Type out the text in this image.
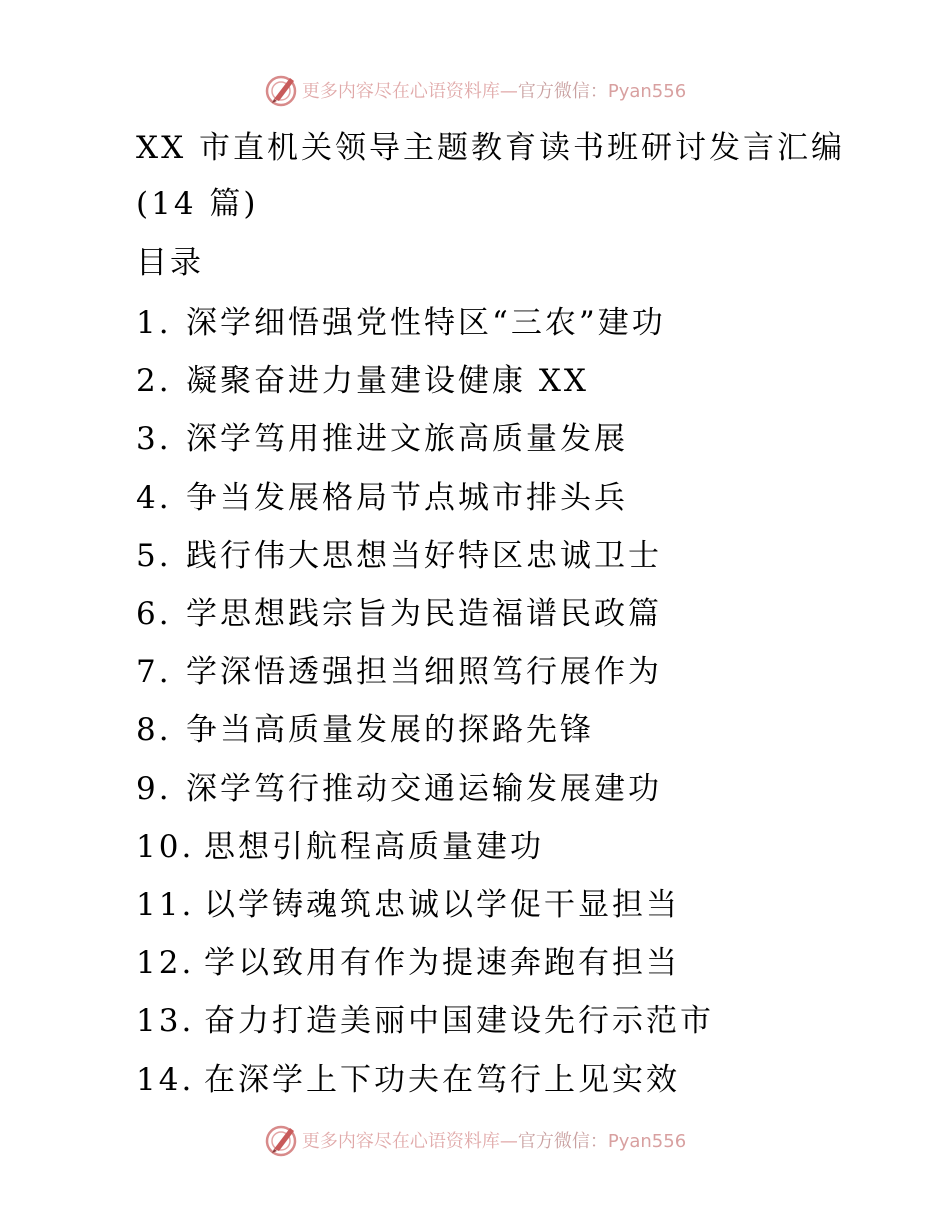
更多内容尽在心语资料库—官方微信：Pyan556
XX 市直机关领导主题教育读书班研讨发言汇编
(14 篇)
目录
1. 深学细悟强党性特区“三农”建功
2. 凝聚奋进力量建设健康 XX
3. 深学笃用推进文旅高质量发展
4. 争当发展格局节点城市排头兵
5. 践行伟大思想当好特区忠诚卫士
6. 学思想践宗旨为民造福谱民政篇
7. 学深悟透强担当细照笃行展作为
8. 争当高质量发展的探路先锋
9. 深学笃行推动交通运输发展建功
10. 思想引航程高质量建功
11. 以学铸魂筑忠诚以学促干显担当
12. 学以致用有作为提速奔跑有担当
13. 奋力打造美丽中国建设先行示范市
14. 在深学上下功夫在笃行上见实效
更多内容尽在心语资料库—官方微信：Pyan556
